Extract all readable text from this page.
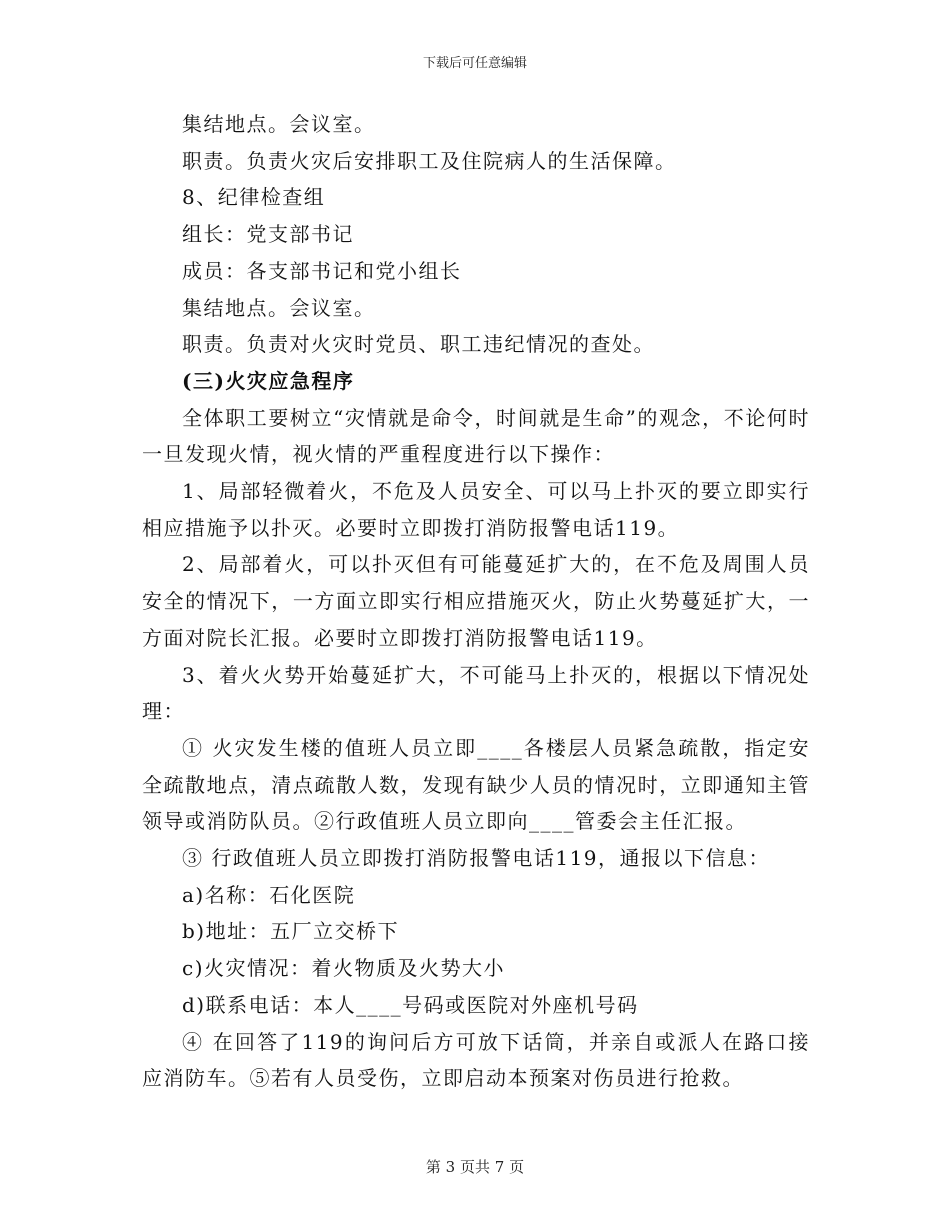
下载后可任意编辑

集结地点。会议室。

职责。负责火灾后安排职工及住院病人的生活保障。

8、纪律检查组

组长：党支部书记

成员：各支部书记和党小组长

集结地点。会议室。

职责。负责对火灾时党员、职工违纪情况的查处。

(三)火灾应急程序

全体职工要树立“灾情就是命令，时间就是生命”的观念，不论何时一旦发现火情，视火情的严重程度进行以下操作：

1、局部轻微着火，不危及人员安全、可以马上扑灭的要立即实行相应措施予以扑灭。必要时立即拨打消防报警电话119。

2、局部着火，可以扑灭但有可能蔓延扩大的，在不危及周围人员安全的情况下，一方面立即实行相应措施灭火，防止火势蔓延扩大，一方面对院长汇报。必要时立即拨打消防报警电话119。

3、着火火势开始蔓延扩大，不可能马上扑灭的，根据以下情况处理：

① 火灾发生楼的值班人员立即____各楼层人员紧急疏散，指定安全疏散地点，清点疏散人数，发现有缺少人员的情况时，立即通知主管领导或消防队员。②行政值班人员立即向____管委会主任汇报。

③ 行政值班人员立即拨打消防报警电话119，通报以下信息：

a)名称：石化医院

b)地址：五厂立交桥下

c)火灾情况：着火物质及火势大小

d)联系电话：本人____号码或医院对外座机号码

④ 在回答了119的询问后方可放下话筒，并亲自或派人在路口接应消防车。⑤若有人员受伤，立即启动本预案对伤员进行抢救。

第 3 页共 7 页
